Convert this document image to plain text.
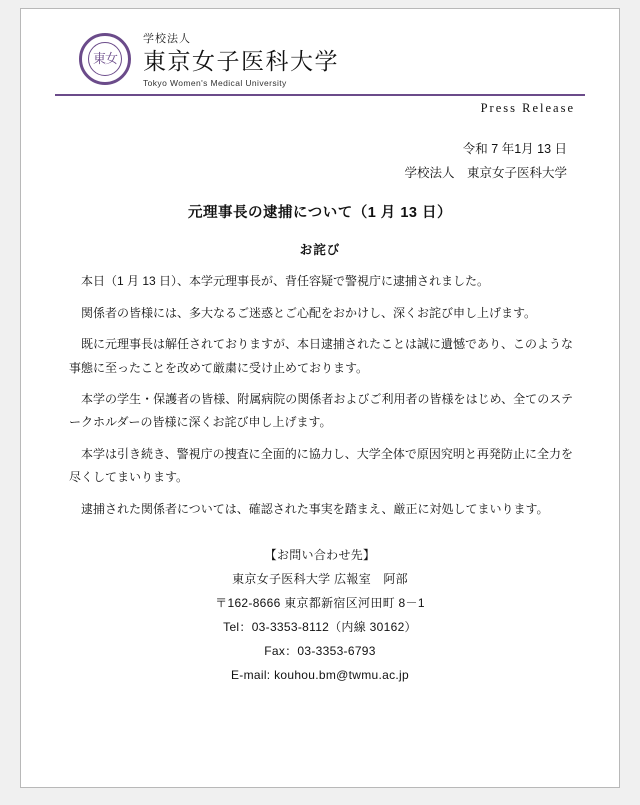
東女
学校法人
東京女子医科大学
Tokyo Women's Medical University
Press Release
令和 7 年1月 13 日
学校法人　東京女子医科大学
元理事長の逮捕について（1 月 13 日）
お詫び

本日（1 月 13 日）、本学元理事長が、背任容疑で警視庁に逮捕されました。

関係者の皆様には、多大なるご迷惑とご心配をおかけし、深くお詫び申し上げます。

既に元理事長は解任されておりますが、本日逮捕されたことは誠に遺憾であり、このような事態に至ったことを改めて厳粛に受け止めております。

本学の学生・保護者の皆様、附属病院の関係者およびご利用者の皆様をはじめ、全てのステークホルダーの皆様に深くお詫び申し上げます。

本学は引き続き、警視庁の捜査に全面的に協力し、大学全体で原因究明と再発防止に全力を尽くしてまいります。

逮捕された関係者については、確認された事実を踏まえ、厳正に対処してまいります。

【お問い合わせ先】
東京女子医科大学 広報室　阿部
〒162-8666 東京都新宿区河田町 8－1
Tel：03-3353-8112（内線 30162）
Fax：03-3353-6793
E-mail: kouhou.bm@twmu.ac.jp
